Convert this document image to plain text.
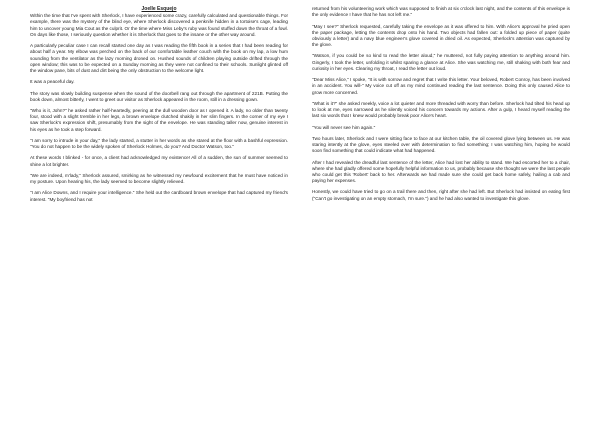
Joelle Esquejo

Within the time that I've spent with Sherlock, I have experienced some crazy, carefully calculated and questionable things. For example, there was the mystery of the blind eye, where Sherlock discovered a penknife hidden in a tortoise's cage, leading him to uncover young Mia Cout as the culprit. Or the time where Miss Leby's ruby was found stuffed down the throat of a fowl. On days like those, I seriously question whether it is Sherlock that goes to the insane or the other way around.

A particularly peculiar case I can recall started one day as I was reading the fifth book in a series that I had been reading for about half a year. My elbow was perched on the back of our comfortable leather couch with the book on my lap, a low hum sounding from the ventilator as the lazy morning droned on. Hushed sounds of children playing outside drifted through the open window; this was to be expected on a Sunday morning as they were not confined to their schools. Sunlight glinted off the window pane, bits of dust and dirt being the only obstruction to the welcome light.

It was a peaceful day.

The story was slowly building suspense when the sound of the doorbell rang out through the apartment of 221B. Putting the book down, almost bitterly, I went to greet our visitor as Sherlock appeared in the room, still in a dressing gown.

"Who is it, John?" he asked rather half-heartedly, peering at the dull wooden door as I opened it. A lady, no older than twenty four, stood with a slight tremble in her legs, a brown envelope clutched shakily in her slim fingers. In the corner of my eye I saw Sherlock's expression shift, presumably from the sight of the envelope. He was standing taller now, genuine interest in his eyes as he took a step forward.

"I am sorry to intrude in your day," the lady started, a stutter in her words as she stared at the floor with a bashful expression. "You do not happen to be the widely spoken of Sherlock Holmes, do you? And Doctor Watson, too."

At these words I blinked - for once, a client had acknowledged my existence! All of a sudden, the sun of summer seemed to shine a lot brighter.

"We are indeed, m'lady," Sherlock assured, smirking as he witnessed my newfound excitement that he must have noticed in my posture. Upon hearing his, the lady seemed to become slightly relieved.

"I am Alice Downs, and I require your intelligence." She held out the cardboard brown envelope that had captured my friend's interest. "My boyfriend has not

returned from his volunteering work which was supposed to finish at six o'clock last night, and the contents of this envelope is the only evidence I have that he has not left me."

"May I see?" Sherlock requested, carefully taking the envelope as it was offered to him. With Alice's approval he pried open the paper package, letting the contents drop onto his hand. Two objects had fallen out: a folded up piece of paper (quite obviously a letter) and a navy blue engineer's glove covered in dried oil. As expected, Sherlock's attention was captured by the glove.

"Watson, if you could be so kind to read the letter aloud," he muttered, not fully paying attention to anything around him. Gingerly, I took the letter, unfolding it whilst sparing a glance at Alice. She was watching me, still shaking with both fear and curiosity in her eyes. Clearing my throat, I read the letter out loud.

"Dear Miss Alice," I spoke, "It is with sorrow and regret that I write this letter. Your beloved, Robert Conroy, has been involved in an accident. You will-" My voice cut off as my mind continued reading the last sentence. Doing this only caused Alice to grow more concerned.

"What is it?" she asked meekly, voice a lot quieter and more threaded with worry than before. Sherlock had tilted his head up to look at me, eyes narrowed as he silently voiced his concern towards my actions. After a gulp, I heard myself reading the last six words that I knew would probably break poor Alice's heart.

"You will never see him again."

Two hours later, Sherlock and I were sitting face to face at our kitchen table, the oil covered glove lying between us. He was staring intently at the glove, eyes steeled over with determination to find something; I was watching him, hoping he would soon find something that could indicate what had happened.

After I had revealed the dreadful last sentence of the letter, Alice had lost her ability to stand. We had escorted her to a chair, where she had gladly offered some hopefully helpful information to us, probably because she thought we were the last people who could get this 'Robert' back to her. Afterwards we had made sure she could get back home safely, hailing a cab and paying her expenses.

Honestly, we could have tried to go on a trail there and then, right after she had left. But Sherlock had insisted on eating first ("Can't go investigating on an empty stomach, I'm sure.") and he had also wanted to investigate this glove.
